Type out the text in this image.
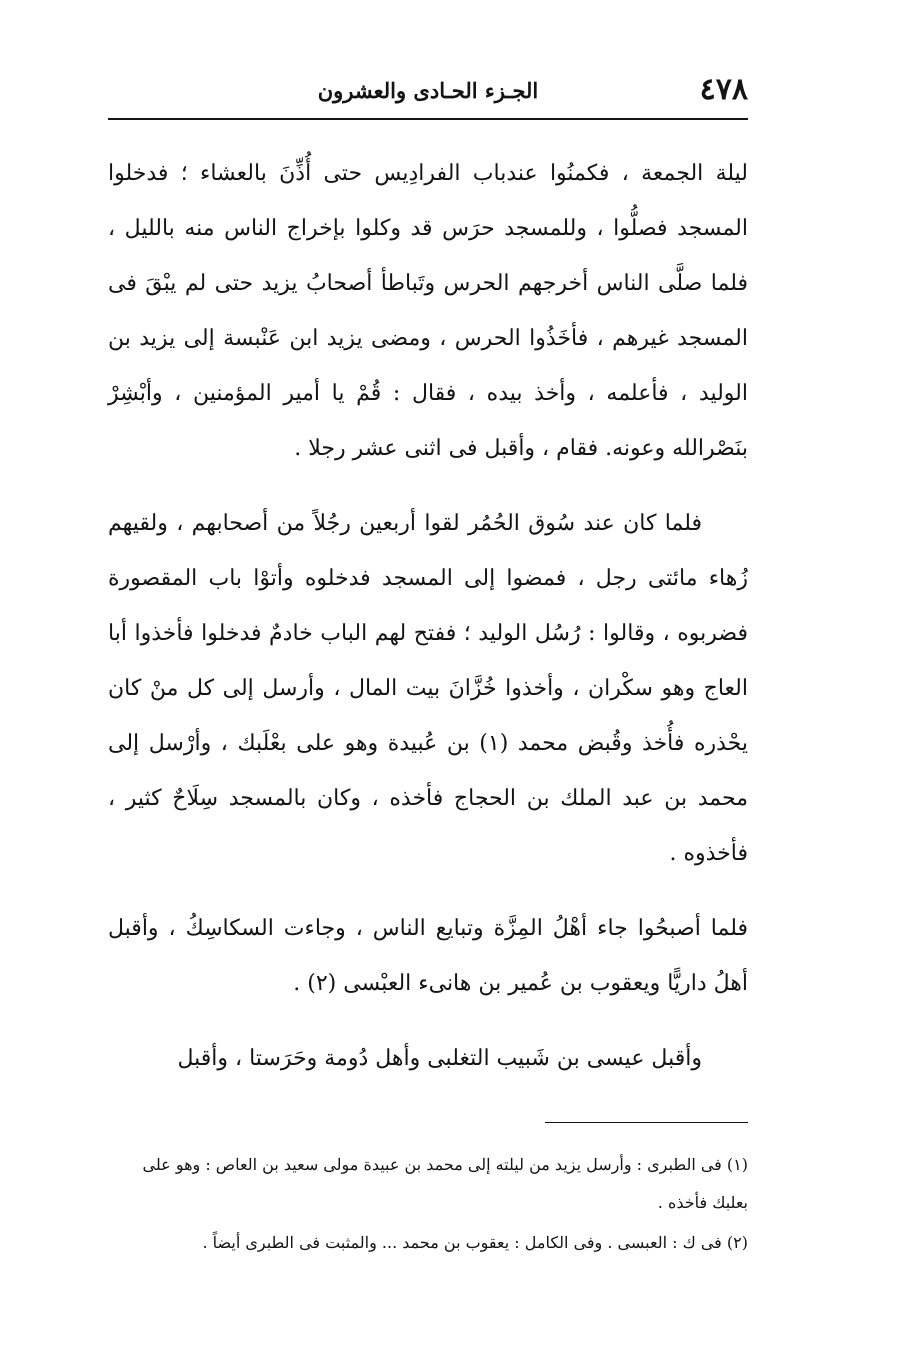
٤٧٨
الجـزء الحـادى والعشرون

ليلة الجمعة ، فكمنُوا عندباب الفرادِيس حتى أُذِّنَ بالعشاء ؛ فدخلوا المسجد فصلُّوا ، وللمسجد حرَس قد وكلوا بإخراج الناس منه بالليل ، فلما صلَّى الناس أخرجهم الحرس وتَباطأ أصحابُ يزيد حتى لم يبْقَ فى المسجد غيرهم ، فأخَذُوا الحرس ، ومضى يزيد ابن عَنْبسة إلى يزيد بن الوليد ، فأعلمه ، وأخذ بيده ، فقال : قُمْ يا أمير المؤمنين ، وأبْشِرْ بنَصْرالله وعونه. فقام ، وأقبل فى اثنى عشر رجلا .

فلما كان عند سُوق الحُمُر لقوا أربعين رجُلاً من أصحابهم ، ولقيهم زُهاء مائتى رجل ، فمضوا إلى المسجد فدخلوه وأتوْا باب المقصورة فضربوه ، وقالوا : رُسُل الوليد ؛ ففتح لهم الباب خادمٌ فدخلوا فأخذوا أبا العاج وهو سكْران ، وأخذوا خُزَّانَ بيت المال ، وأرسل إلى كل منْ كان يحْذره فأُخذ وقُبض محمد (١) بن عُبيدة وهو على بعْلَبك ، وأرْسل إلى محمد بن عبد الملك بن الحجاج فأخذه ، وكان بالمسجد سِلَاحٌ كثير ، فأخذوه .

فلما أصبحُوا جاء أهْلُ المِزَّة وتبايع الناس ، وجاءت السكاسِكُ ، وأقبل أهلُ داريًّا ويعقوب بن عُمير بن هانىء العبْسى (٢) .

وأقبل عيسى بن شَبيب التغلبى وأهل دُومة وحَرَستا ، وأقبل

(١) فى الطبرى : وأرسل يزيد من ليلته إلى محمد بن عبيدة مولى سعيد بن العاص : وهو على بعلبك فأخذه .

(٢) فى ك : العبسى . وفى الكامل : يعقوب بن محمد ... والمثبت فى الطبرى أيضاً .
